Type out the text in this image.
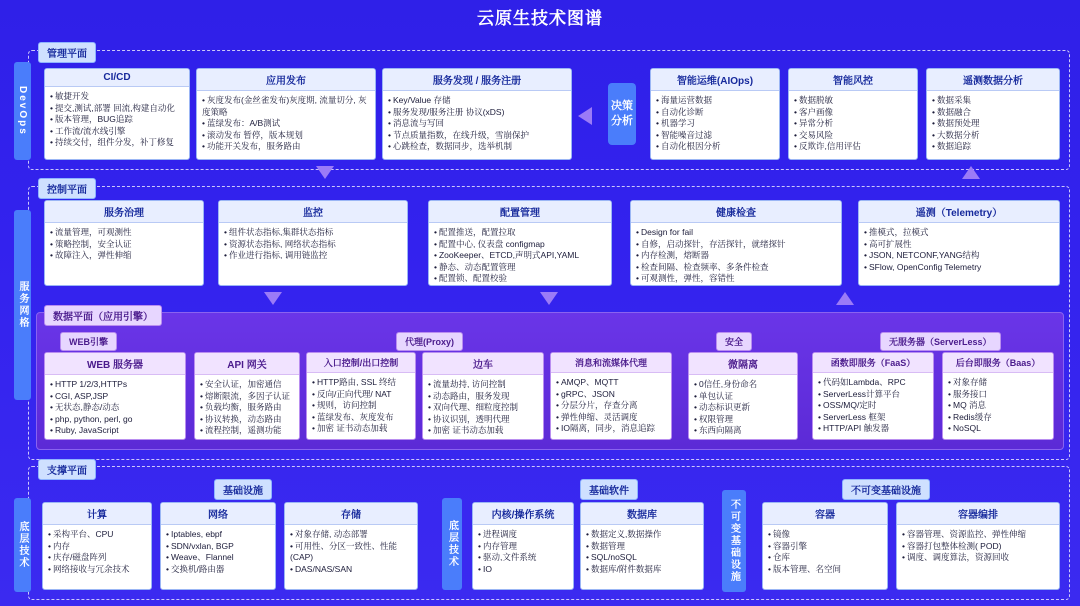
云原生技术图谱
管理平面
DevOps
CI/CD
• 敏捷开发
• 提交,测试,部署 回流,构建自动化
• 版本管理，BUG追踪
• 工作流/流水线引擎
• 持续交付，组件分发，补丁修复
应用发布
• 灰度发布(金丝雀发布)灰度期, 流量切分, 灰度策略
• 蓝绿发布：A/B测试
• 滚动发布 暂停，版本规划
• 功能开关发布，服务路由
服务发现 / 服务注册
• Key/Value 存储
• 服务发现/服务注册 协议(xDS)
• 消息流与写回
• 节点质量指数，在线升级，雪崩保护
• 心跳检查，数据同步，选举机制
决策分析
智能运维(AIOps)
• 海量运营数据
• 自动化诊断
• 机器学习
• 智能噪音过滤
• 自动化根因分析
智能风控
• 数据脱敏
• 客户画像
• 异常分析
• 交易风险
• 反欺诈,信用评估
遥测数据分析
• 数据采集
• 数据融合
• 数据预处理
• 大数据分析
• 数据追踪
控制平面
服务网格
服务治理
• 流量管理，可观测性
• 策略控制，安全认证
• 故障注入，弹性伸缩
监控
• 组件状态指标,集群状态指标
• 资源状态指标, 网络状态指标
• 作业进行指标, 调用链监控
配置管理
• 配置推送，配置拉取
• 配置中心, 仪表盘 configmap
• ZooKeeper、ETCD,声明式API,YAML
• 静态、动态配置管理
• 配置锁、配置校验
健康检查
• Design for fail
• 自修，启动探针，存活探针，就绪探针
• 内存检测，熔断器
• 检查间隔、检查频率、多条件检查
• 可观测性，弹性，容错性
遥测（Telemetry）
• 推模式，拉模式
• 高可扩展性
• JSON, NETCONF,YANG结构
• SFlow, OpenConfig Telemetry
数据平面（应用引擎）
WEB引擎	代理(Proxy)	安全	无服务器（ServerLess）
WEB 服务器
• HTTP 1/2/3,HTTPs
• CGI, ASP,JSP
• 无状态,静态/动态
• php, python, perl, go
• Ruby, JavaScript
API 网关
• 安全认证，加密通信
• 熔断限流，多因子认证
• 负载均衡，服务路由
• 协议转换，动态路由
• 流程控制，遥测功能
入口控制/出口控制
• HTTP路由, SSL 终结
• 反向/正向代理/ NAT
• 规则，访问控制
• 蓝绿发布、灰度发布
• 加密 证书动态加载
边车
• 流量劫持, 访问控制
• 动态路由，服务发现
• 双向代理、细粒度控制
• 协议识别，透明代理
• 加密 证书动态加载
消息和流媒体代理
• AMQP、MQTT
• gRPC、JSON
• 分层分片，存查分离
• 弹性伸缩、灵活调度
• IO隔离，同步，消息追踪
微隔离
• 0信任,身份命名
• 单包认证
• 动态标识更新
• 权限管理
• 东西向隔离
函数即服务（FaaS）
• 代码如Lambda、RPC
• ServerLess计算平台
• OSS/MQ/定时
• ServerLess 框架
• HTTP/API 触发器
后台即服务（Baas）
• 对象存储
• 服务接口
• MQ 消息
• Redis缓存
• NoSQL
支撑平面
底层技术
基础设施	基础软件	不可变基础设施
计算
• 采构平台、CPU
• 内存
• 庆存/磁盘阵列
• 网络接收与冗余技术
网络
• Iptables, ebpf
• SDN/vxlan, BGP
• Weave、Flannel
• 交换机/路由器
存储
• 对象存储, 动态部署
• 可用性、分区一致性、性能(CAP)
• DAS/NAS/SAN
底层技术
内核/操作系统
• 进程调度
• 内存管理
• 驱动,文件系统
• IO
数据库
• 数据定义,数据操作
• 数据管理
• SQL/noSQL
• 数据库/附件数据库	不可变基础设施	容器
• 镜像
• 容器引擎
• 仓库
• 版本管理、名空间
容器编排
• 容器管理、资源监控、弹性伸缩
• 容器打包整体检测( POD)
• 调度、调度算法，资源回收
